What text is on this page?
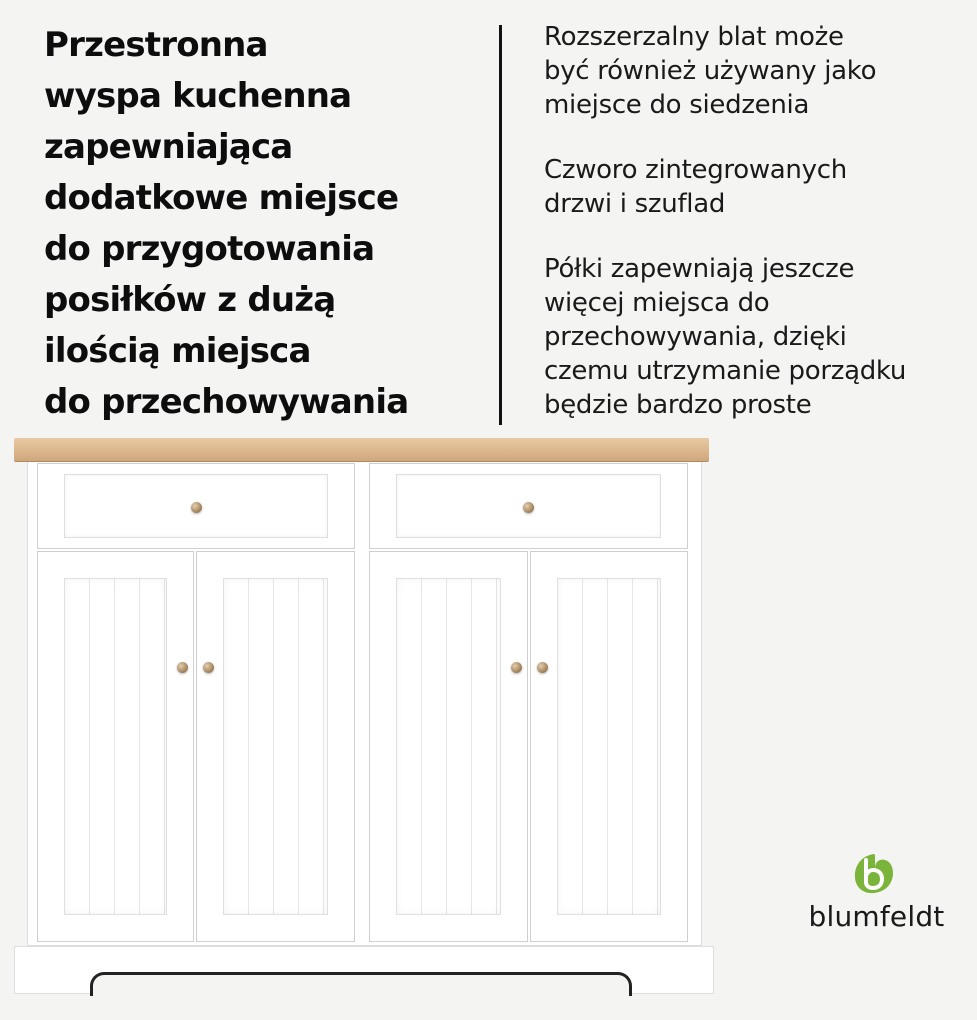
Przestronna
wyspa kuchenna
zapewniająca
dodatkowe miejsce
do przygotowania
posiłków z dużą
ilością miejsca
do przechowywania
Rozszerzalny blat może
być również używany jako
miejsce do siedzenia
Czworo zintegrowanych
drzwi i szuflad
Półki zapewniają jeszcze
więcej miejsca do
przechowywania, dzięki
czemu utrzymanie porządku
będzie bardzo proste
blumfeldt
